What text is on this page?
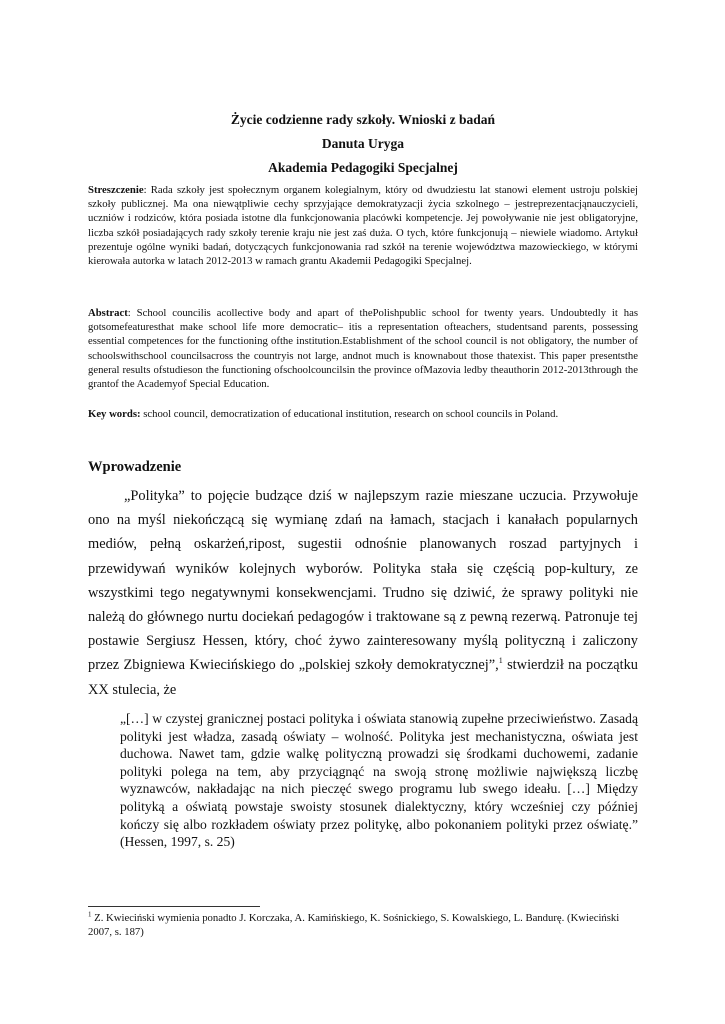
Życie codzienne rady szkoły. Wnioski z badań
Danuta Uryga
Akademia Pedagogiki Specjalnej

Streszczenie: Rada szkoły jest społecznym organem kolegialnym, który od dwudziestu lat stanowi element ustroju polskiej szkoły publicznej. Ma ona niewątpliwie cechy sprzyjające demokratyzacji życia szkolnego – jestreprezentacjąnauczycieli, uczniów i rodziców, która posiada istotne dla funkcjonowania placówki kompetencje. Jej powoływanie nie jest obligatoryjne, liczba szkół posiadających rady szkoły terenie kraju nie jest zaś duża. O tych, które funkcjonują – niewiele wiadomo. Artykuł prezentuje ogólne wyniki badań, dotyczących funkcjonowania rad szkół na terenie województwa mazowieckiego, w którymi kierowała autorka w latach 2012-2013 w ramach grantu Akademii Pedagogiki Specjalnej.

Abstract: School councilis acollective body and apart of thePolishpublic school for twenty years. Undoubtedly it has gotsomefeaturesthat make school life more democratic– itis a representation ofteachers, studentsand parents, possessing essential competences for the functioning ofthe institution.Establishment of the school council is not obligatory, the number of schoolswithschool councilsacross the countryis not large, andnot much is knownabout those thatexist. This paper presentsthe general results ofstudieson the functioning ofschoolcouncilsin the province ofMazovia ledby theauthorin 2012-2013through the grantof the Academyof Special Education.

Key words: school council, democratization of educational institution, research on school councils in Poland.

Wprowadzenie

„Polityka” to pojęcie budzące dziś w najlepszym razie mieszane uczucia. Przywołuje ono na myśl niekończącą się wymianę zdań na łamach, stacjach i kanałach popularnych mediów, pełną oskarżeń,ripost, sugestii odnośnie planowanych roszad partyjnych i przewidywań wyników kolejnych wyborów. Polityka stała się częścią pop-kultury, ze wszystkimi tego negatywnymi konsekwencjami. Trudno się dziwić, że sprawy polityki nie należą do głównego nurtu dociekań pedagogów i traktowane są z pewną rezerwą. Patronuje tej postawie Sergiusz Hessen, który, choć żywo zainteresowany myślą polityczną i zaliczony przez Zbigniewa Kwiecińskiego do „polskiej szkoły demokratycznej”,$^1$ stwierdził na początku XX stulecia, że

„[…] w czystej granicznej postaci polityka i oświata stanowią zupełne przeciwieństwo. Zasadą polityki jest władza, zasadą oświaty – wolność. Polityka jest mechanistyczna, oświata jest duchowa. Nawet tam, gdzie walkę polityczną prowadzi się środkami duchowemi, zadanie polityki polega na tem, aby przyciągnąć na swoją stronę możliwie największą liczbę wyznawców, nakładając na nich pieczęć swego programu lub swego ideału. […] Między polityką a oświatą powstaje swoisty stosunek dialektyczny, który wcześniej czy później kończy się albo rozkładem oświaty przez politykę, albo pokonaniem polityki przez oświatę.” (Hessen, 1997, s. 25)

$^1$ Z. Kwieciński wymienia ponadto J. Korczaka, A. Kamińskiego, K. Sośnickiego, S. Kowalskiego, L. Bandurę. (Kwieciński 2007, s. 187)
